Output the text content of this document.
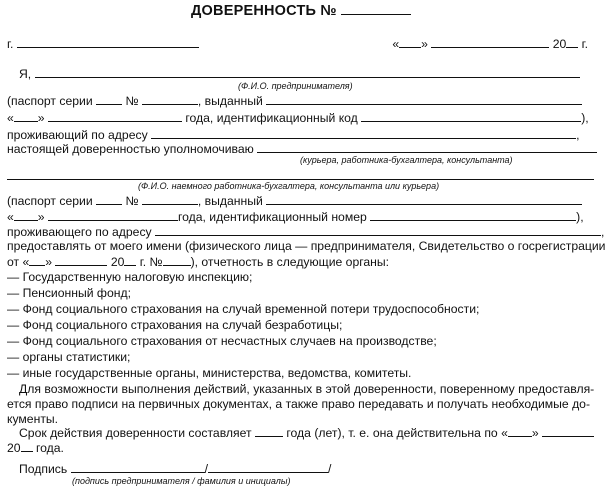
ДОВЕРЕННОСТЬ №
г.	« »	20 г.
Я,
(Ф.И.О. предпринимателя)
(паспорт серии	№	, выданный
« »	года, идентификационный код	),
проживающий по адресу	,
настоящей доверенностью уполномочиваю
(курьера, работника-бухгалтера, консультанта)
(Ф.И.О. наемного работника-бухгалтера, консультанта или курьера)
(паспорт серии	№	, выданный
« »	года, идентификационный номер	),
проживающего по адресу	,
предоставлять от моего имени (физического лица — предпринимателя, Свидетельство о госрегистрации
от « »	20 г. № ), отчетность в следующие органы:
— Государственную налоговую инспекцию;
— Пенсионный фонд;
— Фонд социального страхования на случай временной потери трудоспособности;
— Фонд социального страхования на случай безработицы;
— Фонд социального страхования от несчастных случаев на производстве;
— органы статистики;
— иные государственные органы, министерства, ведомства, комитеты.
Для возможности выполнения действий, указанных в этой доверенности, поверенному предоставля-
ется право подписи на первичных документах, а также право передавать и получать необходимые до-
кументы.
Срок действия доверенности составляет	года (лет), т. е. она действительна по « »
20 года.
Подпись	/	/
(подпись предпринимателя / фамилия и инициалы)
